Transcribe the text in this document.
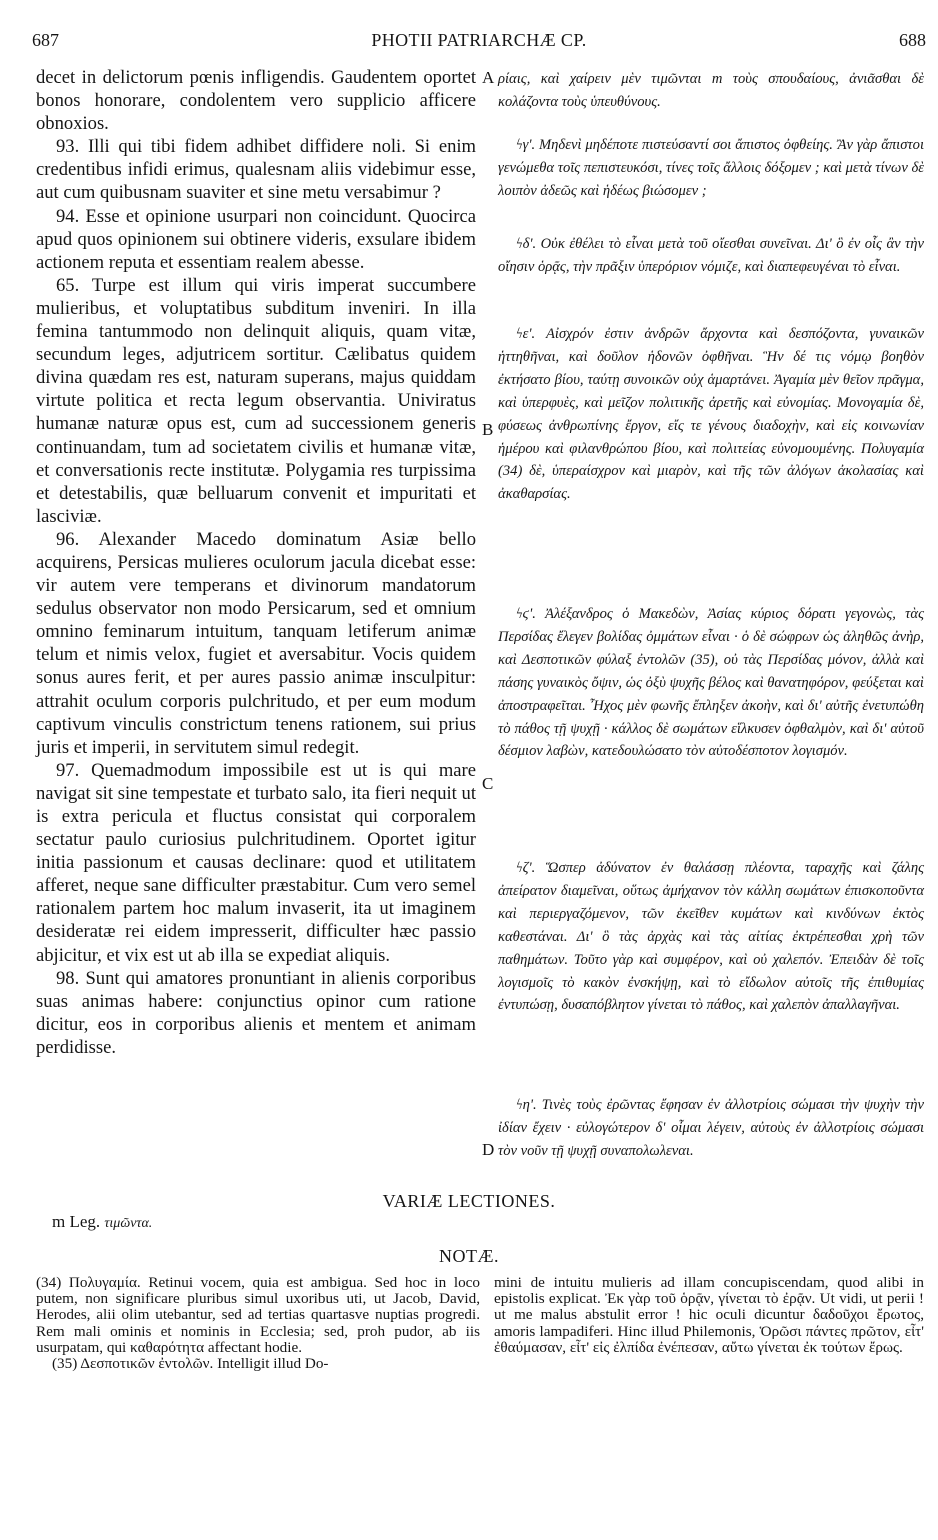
687	PHOTII PATRIARCHÆ CP.	688

decet in delictorum pœnis infligendis. Gaudentem oportet bonos honorare, condolentem vero supplicio afficere obnoxios.

93. Illi qui tibi fidem adhibet diffidere noli. Si enim credentibus infidi erimus, qualesnam aliis videbimur esse, aut cum quibusnam suaviter et sine metu versabimur ?

94. Esse et opinione usurpari non coincidunt. Quocirca apud quos opinionem sui obtinere videris, exsulare ibidem actionem reputa et essentiam realem abesse.

65. Turpe est illum qui viris imperat succumbere mulieribus, et voluptatibus subditum inveniri. In illa femina tantummodo non delinquit aliquis, quam vitæ, secundum leges, adjutricem sortitur. Cælibatus quidem divina quædam res est, naturam superans, majus quiddam virtute politica et recta legum observantia. Univiratus humanæ naturæ opus est, cum ad successionem generis continuandam, tum ad societatem civilis et humanæ vitæ, et conversationis recte institutæ. Polygamia res turpissima et detestabilis, quæ belluarum convenit et impuritati et lasciviæ.

96. Alexander Macedo dominatum Asiæ bello acquirens, Persicas mulieres oculorum jacula dicebat esse: vir autem vere temperans et divinorum mandatorum sedulus observator non modo Persicarum, sed et omnium omnino feminarum intuitum, tanquam letiferum animæ telum et nimis velox, fugiet et aversabitur. Vocis quidem sonus aures ferit, et per aures passio animæ insculpitur: attrahit oculum corporis pulchritudo, et per eum modum captivum vinculis constrictum tenens rationem, sui prius juris et imperii, in servitutem simul redegit.

97. Quemadmodum impossibile est ut is qui mare navigat sit sine tempestate et turbato salo, ita fieri nequit ut is extra pericula et fluctus consistat qui corporalem sectatur paulo curiosius pulchritudinem. Oportet igitur initia passionum et causas declinare: quod et utilitatem afferet, neque sane difficulter præstabitur. Cum vero semel rationalem partem hoc malum invaserit, ita ut imaginem desideratæ rei eidem impresserit, difficulter hæc passio abjicitur, et vix est ut ab illa se expediat aliquis.

98. Sunt qui amatores pronuntiant in alienis corporibus suas animas habere: conjunctius opinor cum ratione dicitur, eos in corporibus alienis et mentem et animam perdidisse.

A
B
C
D

ρίαις, καὶ χαίρειν μὲν τιμῶνται m τοὺς σπουδαίους, ἀνιᾶσθαι δὲ κολάζοντα τοὺς ὑπευθύνους.

ϟγʹ. Μηδενὶ μηδέποτε πιστεύσαντί σοι ἄπιστος ὀφθείης. Ἂν γὰρ ἄπιστοι γενώμεθα τοῖς πεπιστευκόσι, τίνες τοῖς ἄλλοις δόξομεν ; καὶ μετὰ τίνων δὲ λοιπὸν ἀδεῶς καὶ ἡδέως βιώσομεν ;

ϟδʹ. Οὐκ ἐθέλει τὸ εἶναι μετὰ τοῦ οἴεσθαι συνεῖναι. Δι' ὃ ἐν οἷς ἂν τὴν οἴησιν ὁρᾷς, τὴν πρᾶξιν ὑπερόριον νόμιζε, καὶ διαπεφευγέναι τὸ εἶναι.

ϟεʹ. Αἰσχρόν ἐστιν ἀνδρῶν ἄρχοντα καὶ δεσπόζοντα, γυναικῶν ἡττηθῆναι, καὶ δοῦλον ἡδονῶν ὀφθῆναι. Ἣν δέ τις νόμῳ βοηθὸν ἐκτήσατο βίου, ταύτῃ συνοικῶν οὐχ ἁμαρτάνει. Ἀγαμία μὲν θεῖον πρᾶγμα, καὶ ὑπερφυὲς, καὶ μεῖζον πολιτικῆς ἀρετῆς καὶ εὐνομίας. Μονογαμία δὲ, φύσεως ἀνθρωπίνης ἔργον, εἴς τε γένους διαδοχὴν, καὶ εἰς κοινωνίαν ἡμέρου καὶ φιλανθρώπου βίου, καὶ πολιτείας εὐνομουμένης. Πολυγαμία (34) δὲ, ὑπεραίσχρον καὶ μιαρὸν, καὶ τῆς τῶν ἀλόγων ἀκολασίας καὶ ἀκαθαρσίας.

ϟϛʹ. Ἀλέξανδρος ὁ Μακεδὼν, Ἀσίας κύριος δόρατι γεγονὼς, τὰς Περσίδας ἔλεγεν βολίδας ὀμμάτων εἶναι · ὁ δὲ σώφρων ὡς ἀληθῶς ἀνὴρ, καὶ Δεσποτικῶν φύλαξ ἐντολῶν (35), οὐ τὰς Περσίδας μόνον, ἀλλὰ καὶ πάσης γυναικὸς ὄψιν, ὡς ὀξὺ ψυχῆς βέλος καὶ θανατηφόρον, φεύξεται καὶ ἀποστραφεῖται. Ἦχος μὲν φωνῆς ἔπληξεν ἀκοὴν, καὶ δι' αὐτῆς ἐνετυπώθη τὸ πάθος τῇ ψυχῇ · κάλλος δὲ σωμάτων εἵλκυσεν ὀφθαλμὸν, καὶ δι' αὐτοῦ δέσμιον λαβὼν, κατεδουλώσατο τὸν αὐτοδέσποτον λογισμόν.

ϟζʹ. Ὥσπερ ἀδύνατον ἐν θαλάσσῃ πλέοντα, ταραχῆς καὶ ζάλης ἀπείρατον διαμεῖναι, οὕτως ἀμήχανον τὸν κάλλη σωμάτων ἐπισκοποῦντα καὶ περιεργαζόμενον, τῶν ἐκεῖθεν κυμάτων καὶ κινδύνων ἐκτὸς καθεστάναι. Δι' ὃ τὰς ἀρχὰς καὶ τὰς αἰτίας ἐκτρέπεσθαι χρὴ τῶν παθημάτων. Τοῦτο γὰρ καὶ συμφέρον, καὶ οὐ χαλεπόν. Ἐπειδὰν δὲ τοῖς λογισμοῖς τὸ κακὸν ἐνσκήψῃ, καὶ τὸ εἴδωλον αὐτοῖς τῆς ἐπιθυμίας ἐντυπώσῃ, δυσαπόβλητον γίνεται τὸ πάθος, καὶ χαλεπὸν ἀπαλλαγῆναι.

ϟηʹ. Τινὲς τοὺς ἐρῶντας ἔφησαν ἐν ἀλλοτρίοις σώμασι τὴν ψυχὴν τὴν ἰδίαν ἔχειν · εὐλογώτερον δ' οἶμαι λέγειν, αὐτοὺς ἐν ἀλλοτρίοις σώμασι τὸν νοῦν τῇ ψυχῇ συναπολωλεναι.

VARIÆ LECTIONES.
m Leg. τιμῶντα.
NOTÆ.

(34) Πολυγαμία. Retinui vocem, quia est ambigua. Sed hoc in loco putem, non significare pluribus simul uxoribus uti, ut Jacob, David, Herodes, alii olim utebantur, sed ad tertias quartasve nuptias progredi. Rem mali ominis et nominis in Ecclesia; sed, proh pudor, ab iis usurpatam, qui καθαρότητα affectant hodie.

(35) Δεσποτικῶν ἐντολῶν. Intelligit illud Do-

mini de intuitu mulieris ad illam concupiscendam, quod alibi in epistolis explicat. Ἐκ γὰρ τοῦ ὁρᾷν, γίνεται τὸ ἐρᾷν. Ut vidi, ut perii ! ut me malus abstulit error ! hic oculi dicuntur δαδοῦχοι ἔρωτος, amoris lampadiferi. Hinc illud Philemonis, Ὁρῶσι πάντες πρῶτον, εἶτ' ἐθαύμασαν, εἶτ' εἰς ἐλπίδα ἐνέπεσαν, αὔτω γίνεται ἐκ τούτων ἔρως.
